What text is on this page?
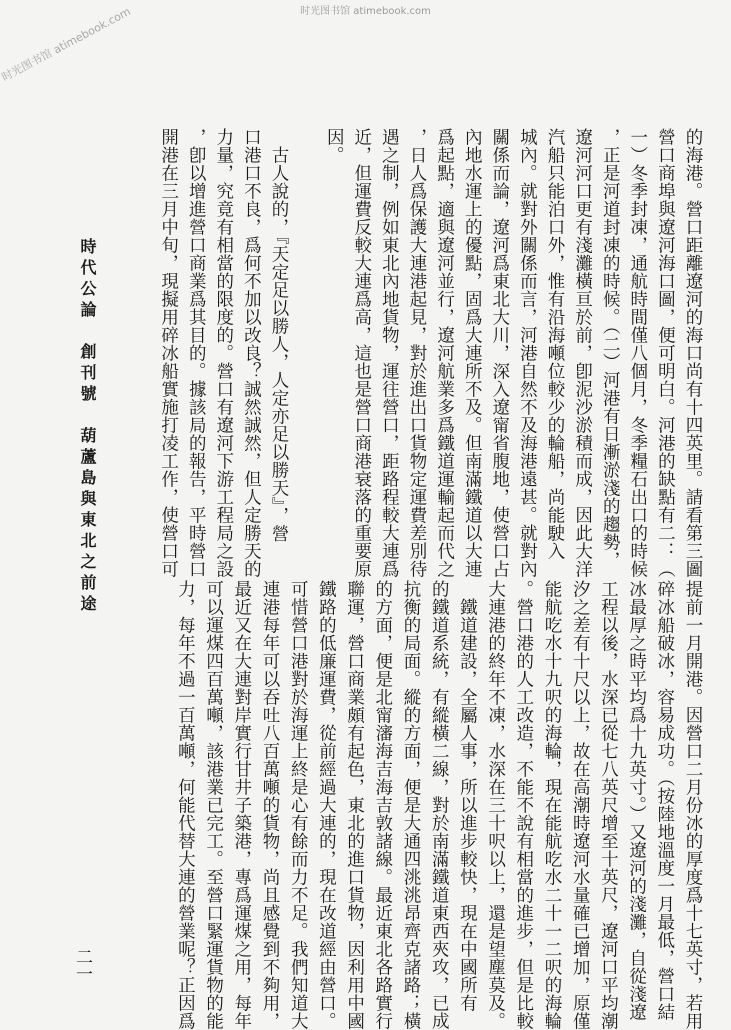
时光图书馆 atimebook.com
时光图书馆 atimebook.com
時代公論　創刊號　葫蘆島與東北之前途
二一
的海港。營口距離遼河的海口尚有十四英里。請看第三圖
營口商埠與遼河海口圖，便可明白。河港的缺點有二：（
一）冬季封凍，通航時間僅八個月，冬季糧石出口的時候
，正是河道封凍的時候。（二）河港有日漸淤淺的趨勢，
遼河河口更有淺灘橫亘於前，卽泥沙淤積而成，因此大洋
汽船只能泊口外，惟有沿海噸位較少的輪船，尚能駛入
城內。就對外關係而言，河港自然不及海港遠甚。就對內
關係而論，遼河爲東北大川，深入遼甯省腹地，使營口占
內地水運上的優點，固爲大連所不及。但南滿鐵道以大連
爲起點，適與遼河並行，遼河航業多爲鐵道運輸起而代之
，日人爲保護大連港起見，對於進出口貨物定運費差別待
遇之制，例如東北內地貨物，運往營口，距路程較大連爲
近，但運費反較大連爲高，這也是營口商港衰落的重要原
因。
　古人說的，『天定足以勝人，人定亦足以勝天』，營
口港口不良，爲何不加以改良？誠然誠然，但人定勝天的
力量，究竟有相當的限度的。營口有遼河下游工程局之設
，卽以增進營口商業爲其目的。據該局的報告，平時營口
開港在三月中旬，現擬用碎冰船實施打凌工作，使營口可
提前一月開港。因營口二月份冰的厚度爲十七英寸，若用
碎冰船破冰，容易成功。（按陸地溫度一月最低，營口結
冰最厚之時平均爲十九英寸。）又遼河的淺灘，自從淺遼
工程以後，水深已從七八英尺增至十英尺，遼河口平均潮
汐之差有十尺以上，故在高潮時遼河水量確已增加，原僅
能航吃水十九呎的海輪，現在能航吃水二十一二呎的海輪
。營口港的人工改造，不能不說有相當的進步，但是比較
大連港的終年不凍，水深在三十呎以上，還是望塵莫及。
　鐵道建設，全屬人事，所以進步較快，現在中國所有
的鐵道系統，有縱橫二線，對於南滿鐵道東西夾攻，已成
抗衡的局面。縱的方面，便是大通四洮洮昂齊克諸路；橫
的方面，便是北甯瀋海吉海吉敦諸線。最近東北各路實行
聯運，營口商業頗有起色，東北的進口貨物，因利用中國
鐵路的低廉運費，從前經過大連的，現在改道經由營口。
可惜營口港對於海運上終是心有餘而力不足。我們知道大
連港每年可以吞吐八百萬噸的貨物，尚且感覺到不夠用，
最近又在大連對岸實行甘井子築港，專爲運煤之用，每年
可以運煤四百萬噸，該港業已完工。至營口緊運貨物的能
力，每年不過一百萬噸，何能代替大連的營業呢？正因爲
